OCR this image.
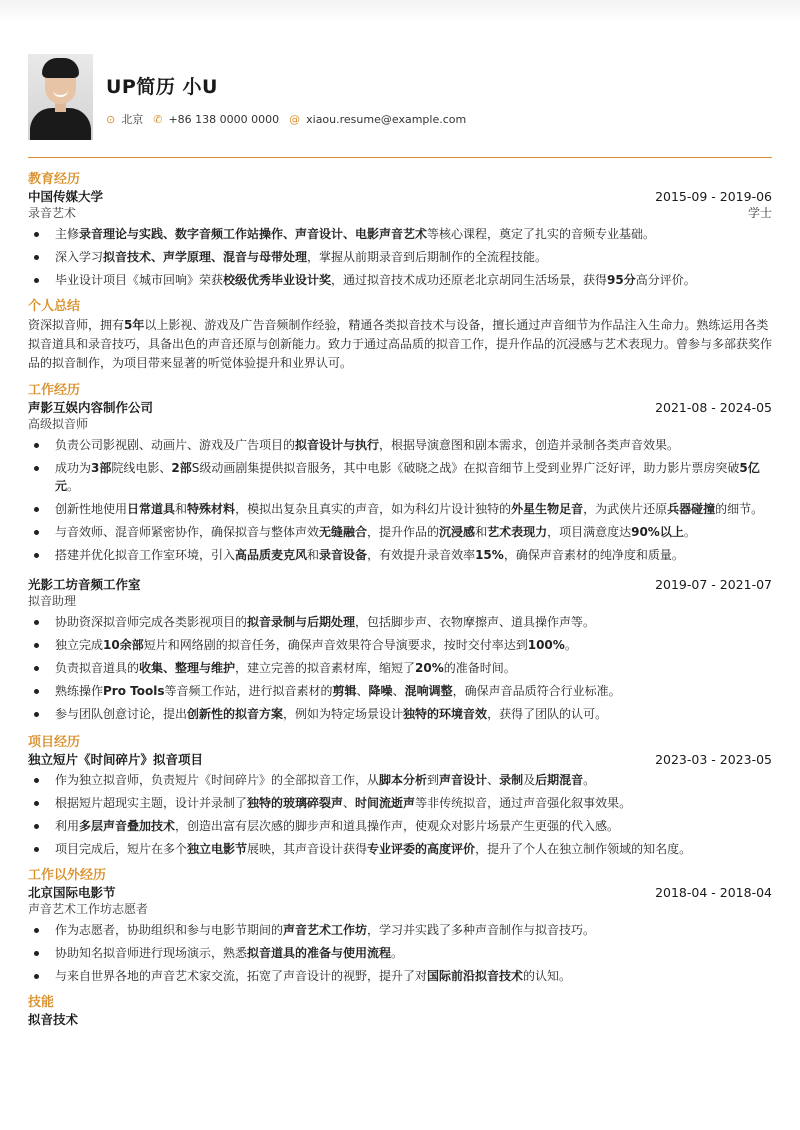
UP简历 小U
⊙ 北京 ✆ +86 138 0000 0000 @ xiaou.resume@example.com
教育经历
中国传媒大学	2015-09 - 2019-06
录音艺术	学士
主修录音理论与实践、数字音频工作站操作、声音设计、电影声音艺术等核心课程，奠定了扎实的音频专业基础。
深入学习拟音技术、声学原理、混音与母带处理，掌握从前期录音到后期制作的全流程技能。
毕业设计项目《城市回响》荣获校级优秀毕业设计奖，通过拟音技术成功还原老北京胡同生活场景，获得95分高分评价。
个人总结
资深拟音师，拥有5年以上影视、游戏及广告音频制作经验，精通各类拟音技术与设备，擅长通过声音细节为作品注入生命力。熟练运用各类拟音道具和录音技巧，具备出色的声音还原与创新能力。致力于通过高品质的拟音工作，提升作品的沉浸感与艺术表现力。曾参与多部获奖作品的拟音制作，为项目带来显著的听觉体验提升和业界认可。
工作经历
声影互娱内容制作公司	2021-08 - 2024-05
高级拟音师
负责公司影视剧、动画片、游戏及广告项目的拟音设计与执行，根据导演意图和剧本需求，创造并录制各类声音效果。
成功为3部院线电影、2部S级动画剧集提供拟音服务，其中电影《破晓之战》在拟音细节上受到业界广泛好评，助力影片票房突破5亿元。
创新性地使用日常道具和特殊材料，模拟出复杂且真实的声音，如为科幻片设计独特的外星生物足音，为武侠片还原兵器碰撞的细节。
与音效师、混音师紧密协作，确保拟音与整体声效无缝融合，提升作品的沉浸感和艺术表现力，项目满意度达90%以上。
搭建并优化拟音工作室环境，引入高品质麦克风和录音设备，有效提升录音效率15%，确保声音素材的纯净度和质量。
光影工坊音频工作室	2019-07 - 2021-07
拟音助理
协助资深拟音师完成各类影视项目的拟音录制与后期处理，包括脚步声、衣物摩擦声、道具操作声等。
独立完成10余部短片和网络剧的拟音任务，确保声音效果符合导演要求，按时交付率达到100%。
负责拟音道具的收集、整理与维护，建立完善的拟音素材库，缩短了20%的准备时间。
熟练操作Pro Tools等音频工作站，进行拟音素材的剪辑、降噪、混响调整，确保声音品质符合行业标准。
参与团队创意讨论，提出创新性的拟音方案，例如为特定场景设计独特的环境音效，获得了团队的认可。
项目经历
独立短片《时间碎片》拟音项目	2023-03 - 2023-05
作为独立拟音师，负责短片《时间碎片》的全部拟音工作，从脚本分析到声音设计、录制及后期混音。
根据短片超现实主题，设计并录制了独特的玻璃碎裂声、时间流逝声等非传统拟音，通过声音强化叙事效果。
利用多层声音叠加技术，创造出富有层次感的脚步声和道具操作声，使观众对影片场景产生更强的代入感。
项目完成后，短片在多个独立电影节展映，其声音设计获得专业评委的高度评价，提升了个人在独立制作领域的知名度。
工作以外经历
北京国际电影节	2018-04 - 2018-04
声音艺术工作坊志愿者
作为志愿者，协助组织和参与电影节期间的声音艺术工作坊，学习并实践了多种声音制作与拟音技巧。
协助知名拟音师进行现场演示，熟悉拟音道具的准备与使用流程。
与来自世界各地的声音艺术家交流，拓宽了声音设计的视野，提升了对国际前沿拟音技术的认知。
技能
拟音技术
